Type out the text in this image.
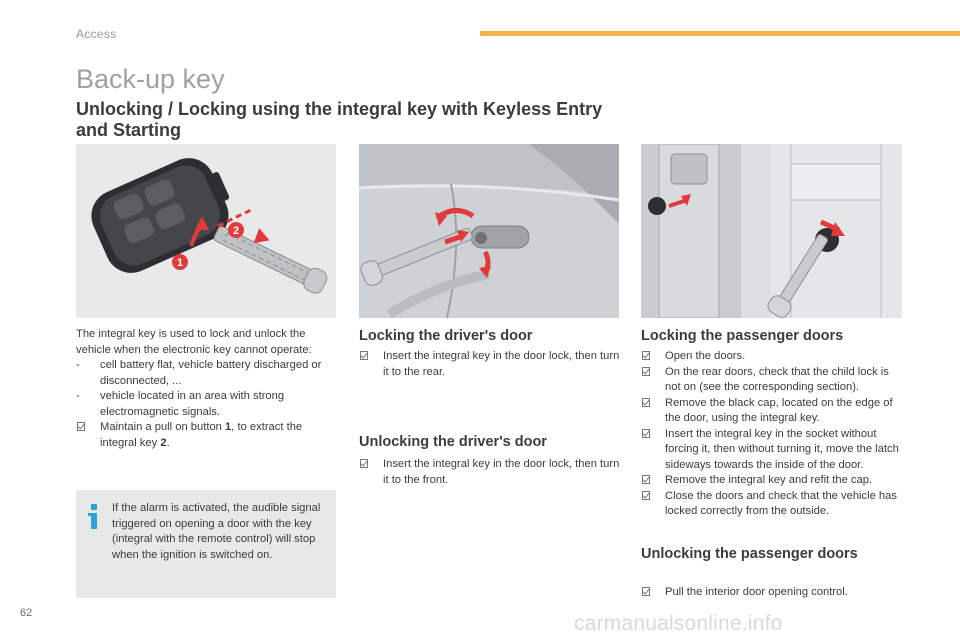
Access
Back-up key
Unlocking / Locking using the integral key with Keyless Entry and Starting
1
2

The integral key is used to lock and unlock the vehicle when the electronic key cannot operate:

-	cell battery flat, vehicle battery discharged or disconnected, ...
-	vehicle located in an area with strong electromagnetic signals.
Maintain a pull on button 1, to extract the integral key 2.

If the alarm is activated, the audible signal triggered on opening a door with the key (integral with the remote control) will stop when the ignition is switched on.

Locking the driver's door
Insert the integral key in the door lock, then turn it to the rear.
Unlocking the driver's door
Insert the integral key in the door lock, then turn it to the front.
Locking the passenger doors
Open the doors.
On the rear doors, check that the child lock is not on (see the corresponding section).
Remove the black cap, located on the edge of the door, using the integral key.
Insert the integral key in the socket without forcing it, then without turning it, move the latch sideways towards the inside of the door.
Remove the integral key and refit the cap.
Close the doors and check that the vehicle has locked correctly from the outside.
Unlocking the passenger doors
Pull the interior door opening control.
62	carmanualsonline.info
